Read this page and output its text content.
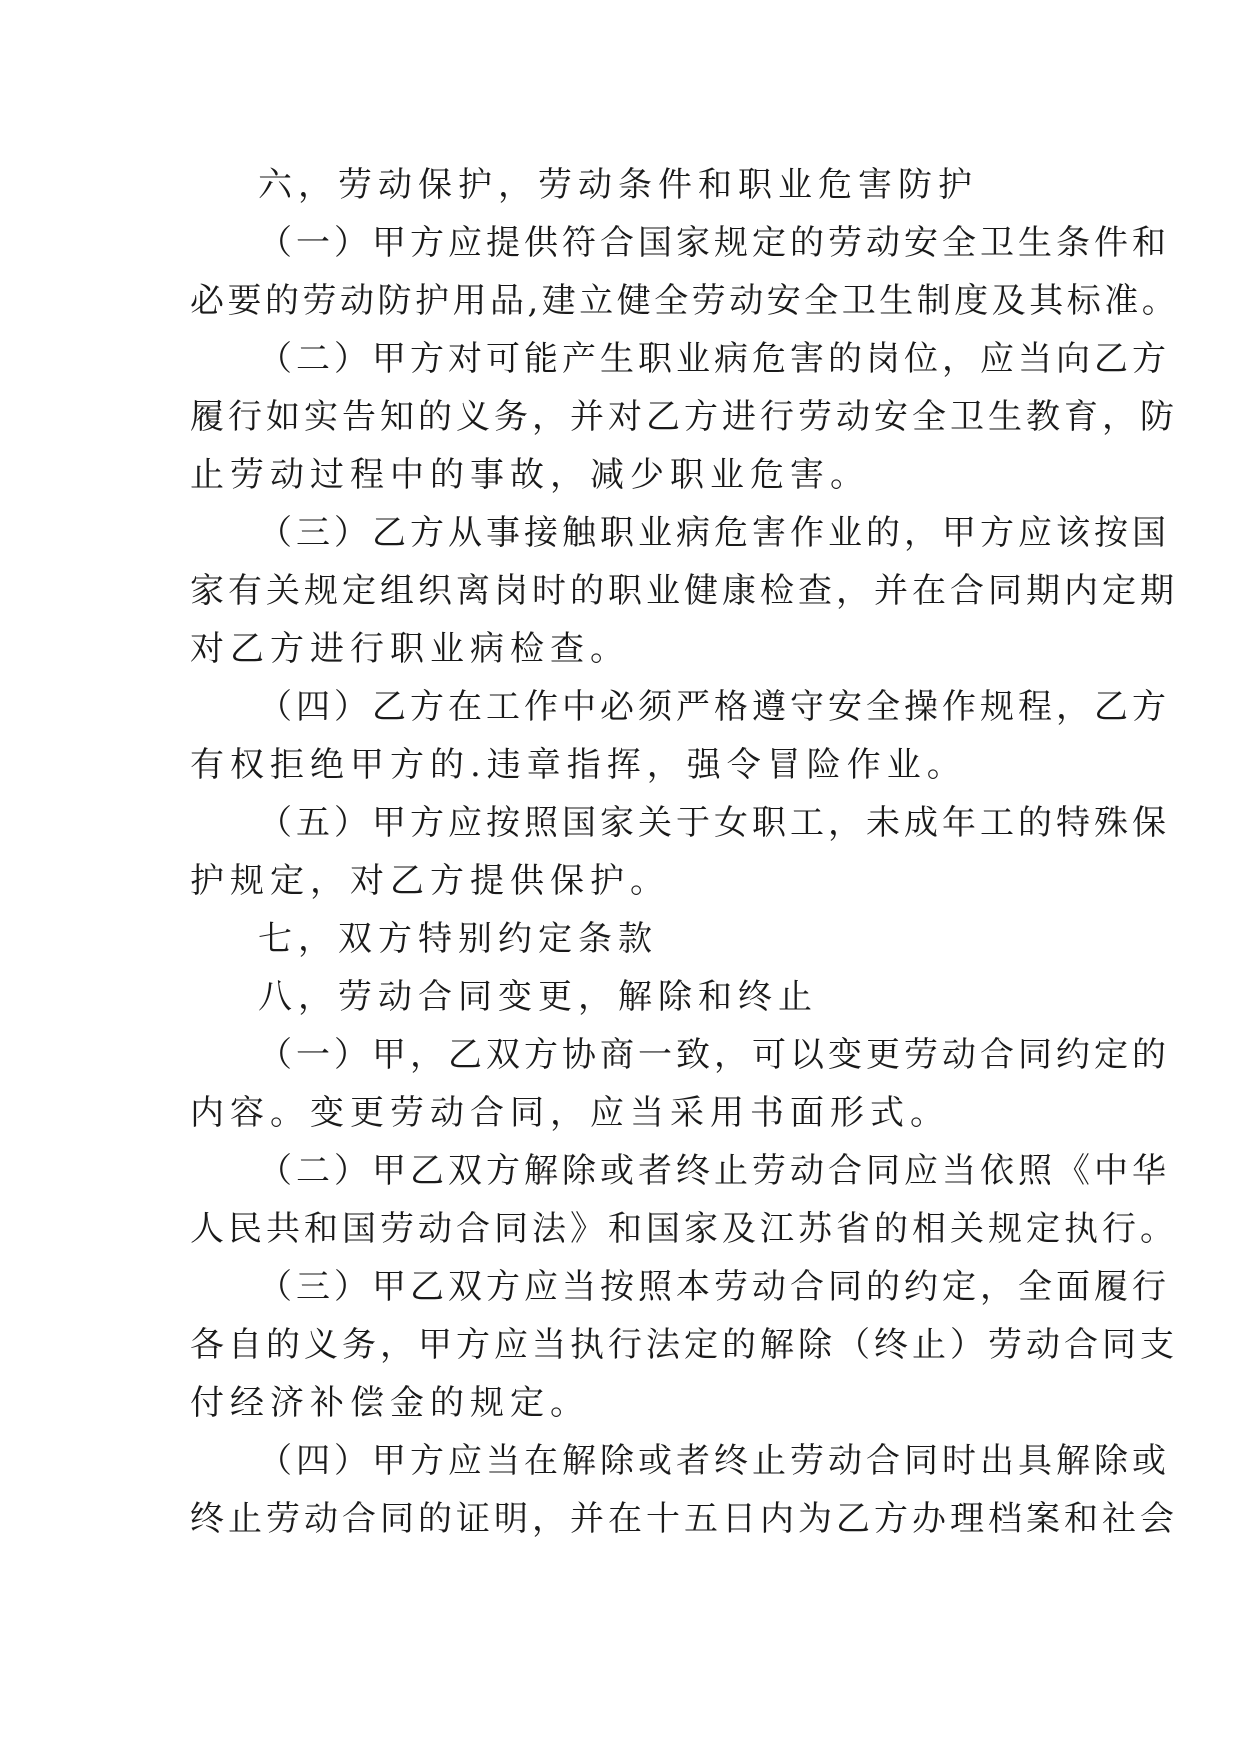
六，劳动保护，劳动条件和职业危害防护

（一）甲方应提供符合国家规定的劳动安全卫生条件和

必要的劳动防护用品,建立健全劳动安全卫生制度及其标准。

（二）甲方对可能产生职业病危害的岗位，应当向乙方

履行如实告知的义务，并对乙方进行劳动安全卫生教育，防

止劳动过程中的事故，减少职业危害。

（三）乙方从事接触职业病危害作业的，甲方应该按国

家有关规定组织离岗时的职业健康检查，并在合同期内定期

对乙方进行职业病检查。

（四）乙方在工作中必须严格遵守安全操作规程，乙方

有权拒绝甲方的.违章指挥，强令冒险作业。

（五）甲方应按照国家关于女职工，未成年工的特殊保

护规定，对乙方提供保护。

七，双方特别约定条款

八，劳动合同变更，解除和终止

（一）甲，乙双方协商一致，可以变更劳动合同约定的

内容。变更劳动合同，应当采用书面形式。

（二）甲乙双方解除或者终止劳动合同应当依照《中华

人民共和国劳动合同法》和国家及江苏省的相关规定执行。

（三）甲乙双方应当按照本劳动合同的约定，全面履行

各自的义务，甲方应当执行法定的解除（终止）劳动合同支

付经济补偿金的规定。

（四）甲方应当在解除或者终止劳动合同时出具解除或

终止劳动合同的证明，并在十五日内为乙方办理档案和社会
